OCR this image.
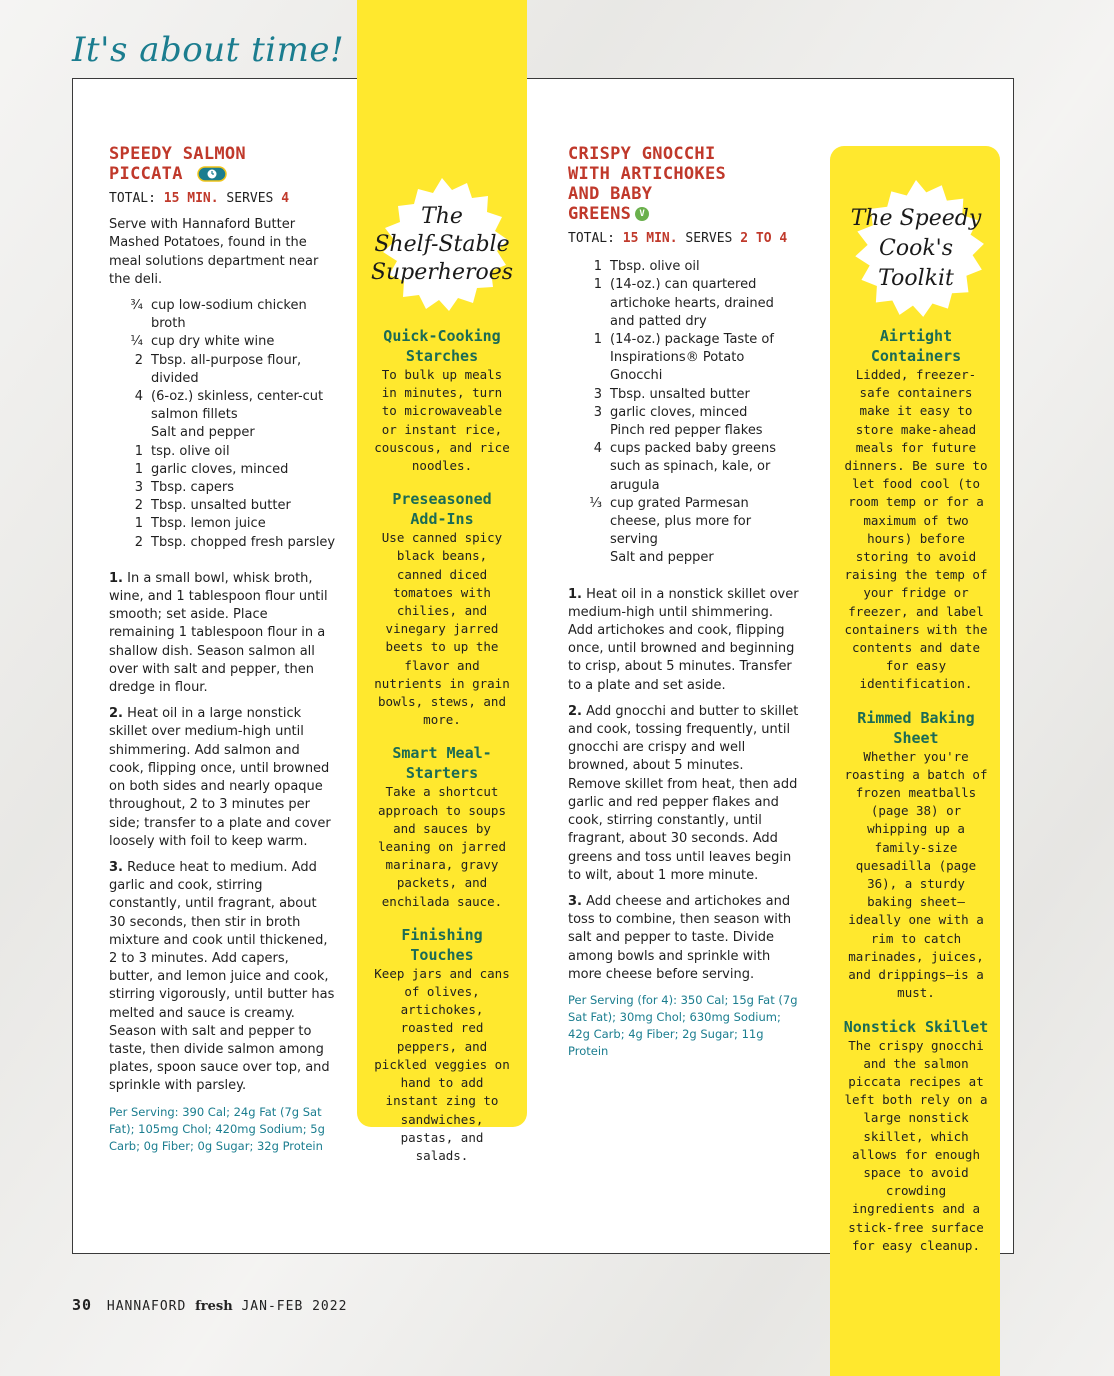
It's about time!
SPEEDY SALMON
PICCATA
TOTAL: 15 MIN. SERVES 4
Serve with Hannaford Butter Mashed Potatoes, found in the meal solutions department near the deli.
¾	cup low-sodium chicken broth
¼	cup dry white wine
2	Tbsp. all-purpose flour, divided
4	(6-oz.) skinless, center-cut salmon fillets
	Salt and pepper
1	tsp. olive oil
1	garlic cloves, minced
3	Tbsp. capers
2	Tbsp. unsalted butter
1	Tbsp. lemon juice
2	Tbsp. chopped fresh parsley

1. In a small bowl, whisk broth, wine, and 1 tablespoon flour until smooth; set aside. Place remaining 1 tablespoon flour in a shallow dish. Season salmon all over with salt and pepper, then dredge in flour.

2. Heat oil in a large nonstick skillet over medium-high until shimmering. Add salmon and cook, flipping once, until browned on both sides and nearly opaque throughout, 2 to 3 minutes per side; transfer to a plate and cover loosely with foil to keep warm.

3. Reduce heat to medium. Add garlic and cook, stirring constantly, until fragrant, about 30 seconds, then stir in broth mixture and cook until thickened, 2 to 3 minutes. Add capers, butter, and lemon juice and cook, stirring vigorously, until butter has melted and sauce is creamy. Season with salt and pepper to taste, then divide salmon among plates, spoon sauce over top, and sprinkle with parsley.

Per Serving: 390 Cal; 24g Fat (7g Sat Fat); 105mg Chol; 420mg Sodium; 5g Carb; 0g Fiber; 0g Sugar; 32g Protein
The
Shelf-Stable
Superheroes
Quick-Cooking Starches
To bulk up meals in minutes, turn to microwaveable or instant rice, couscous, and rice noodles.
Preseasoned Add-Ins
Use canned spicy black beans, canned diced tomatoes with chilies, and vinegary jarred beets to up the flavor and nutrients in grain bowls, stews, and more.
Smart Meal-Starters
Take a shortcut approach to soups and sauces by leaning on jarred marinara, gravy packets, and enchilada sauce.
Finishing Touches
Keep jars and cans of olives, artichokes, roasted red peppers, and pickled veggies on hand to add instant zing to sandwiches, pastas, and salads.
CRISPY GNOCCHI
WITH ARTICHOKES
AND BABY
GREENS V
TOTAL: 15 MIN. SERVES 2 TO 4
1	Tbsp. olive oil
1	(14-oz.) can quartered artichoke hearts, drained and patted dry
1	(14-oz.) package Taste of Inspirations® Potato Gnocchi
3	Tbsp. unsalted butter
3	garlic cloves, minced
	Pinch red pepper flakes
4	cups packed baby greens such as spinach, kale, or arugula
⅓	cup grated Parmesan cheese, plus more for serving
	Salt and pepper

1. Heat oil in a nonstick skillet over medium-high until shimmering. Add artichokes and cook, flipping once, until browned and beginning to crisp, about 5 minutes. Transfer to a plate and set aside.

2. Add gnocchi and butter to skillet and cook, tossing frequently, until gnocchi are crispy and well browned, about 5 minutes. Remove skillet from heat, then add garlic and red pepper flakes and cook, stirring constantly, until fragrant, about 30 seconds. Add greens and toss until leaves begin to wilt, about 1 more minute.

3. Add cheese and artichokes and toss to combine, then season with salt and pepper to taste. Divide among bowls and sprinkle with more cheese before serving.

Per Serving (for 4): 350 Cal; 15g Fat (7g Sat Fat); 30mg Chol; 630mg Sodium; 42g Carb; 4g Fiber; 2g Sugar; 11g Protein
The Speedy
Cook's
Toolkit
Airtight Containers
Lidded, freezer-safe containers make it easy to store make-ahead meals for future dinners. Be sure to let food cool (to room temp or for a maximum of two hours) before storing to avoid raising the temp of your fridge or freezer, and label containers with the contents and date for easy identification.
Rimmed Baking Sheet
Whether you're roasting a batch of frozen meatballs (page 38) or whipping up a family-size quesadilla (page 36), a sturdy baking sheet—ideally one with a rim to catch marinades, juices, and drippings—is a must.
Nonstick Skillet
The crispy gnocchi and the salmon piccata recipes at left both rely on a large nonstick skillet, which allows for enough space to avoid crowding ingredients and a stick-free surface for easy cleanup.
30 HANNAFORD fresh JAN-FEB 2022
